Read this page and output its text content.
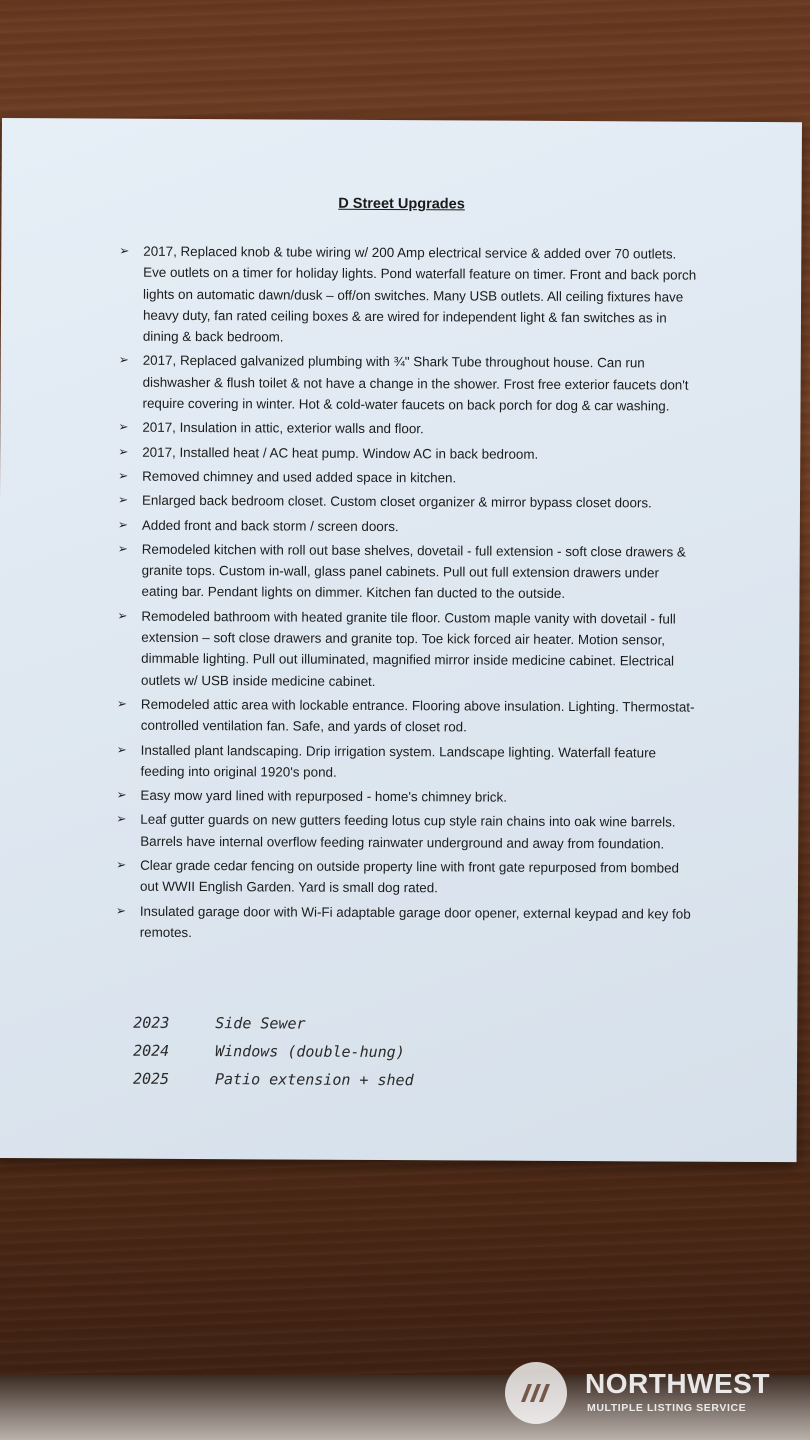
D Street Upgrades
➢ 2017, Replaced knob & tube wiring w/ 200 Amp electrical service & added over 70 outlets. Eve outlets on a timer for holiday lights. Pond waterfall feature on timer. Front and back porch lights on automatic dawn/dusk – off/on switches. Many USB outlets. All ceiling fixtures have heavy duty, fan rated ceiling boxes & are wired for independent light & fan switches as in dining & back bedroom.
➢ 2017, Replaced galvanized plumbing with ¾" Shark Tube throughout house. Can run dishwasher & flush toilet & not have a change in the shower. Frost free exterior faucets don't require covering in winter. Hot & cold-water faucets on back porch for dog & car washing.
➢ 2017, Insulation in attic, exterior walls and floor.
➢ 2017, Installed heat / AC heat pump. Window AC in back bedroom.
➢ Removed chimney and used added space in kitchen.
➢ Enlarged back bedroom closet. Custom closet organizer & mirror bypass closet doors.
➢ Added front and back storm / screen doors.
➢ Remodeled kitchen with roll out base shelves, dovetail - full extension - soft close drawers & granite tops. Custom in-wall, glass panel cabinets. Pull out full extension drawers under eating bar. Pendant lights on dimmer. Kitchen fan ducted to the outside.
➢ Remodeled bathroom with heated granite tile floor. Custom maple vanity with dovetail - full extension – soft close drawers and granite top. Toe kick forced air heater. Motion sensor, dimmable lighting. Pull out illuminated, magnified mirror inside medicine cabinet. Electrical outlets w/ USB inside medicine cabinet.
➢ Remodeled attic area with lockable entrance. Flooring above insulation. Lighting. Thermostat-controlled ventilation fan. Safe, and yards of closet rod.
➢ Installed plant landscaping. Drip irrigation system. Landscape lighting. Waterfall feature feeding into original 1920's pond.
➢ Easy mow yard lined with repurposed - home's chimney brick.
➢ Leaf gutter guards on new gutters feeding lotus cup style rain chains into oak wine barrels. Barrels have internal overflow feeding rainwater underground and away from foundation.
➢ Clear grade cedar fencing on outside property line with front gate repurposed from bombed out WWII English Garden. Yard is small dog rated.
➢ Insulated garage door with Wi-Fi adaptable garage door opener, external keypad and key fob remotes.
2023	Side Sewer
2024	Windows (double-hung)
2025	Patio extension + shed
NORTHWEST
MULTIPLE LISTING SERVICE
